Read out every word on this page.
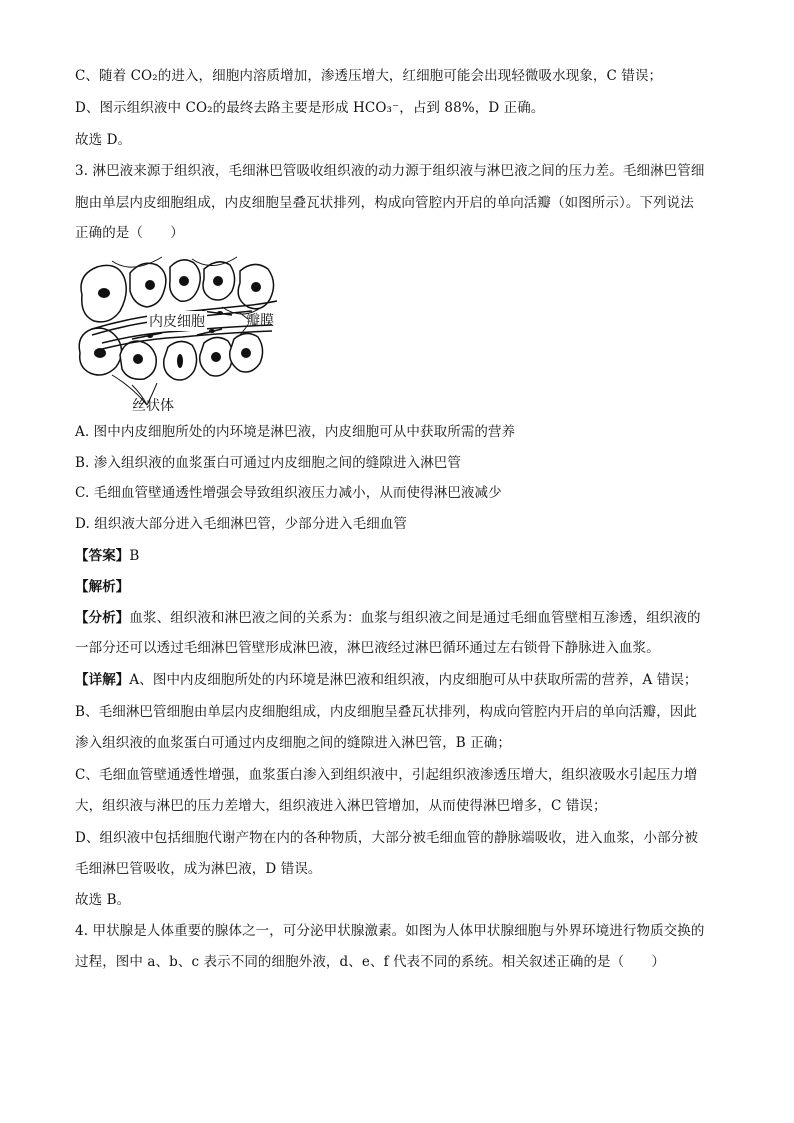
C、随着 CO₂的进入，细胞内溶质增加，渗透压增大，红细胞可能会出现轻微吸水现象，C 错误；
D、图示组织液中 CO₂的最终去路主要是形成 HCO₃⁻，占到 88%，D 正确。
故选 D。
3. 淋巴液来源于组织液，毛细淋巴管吸收组织液的动力源于组织液与淋巴液之间的压力差。毛细淋巴管细
胞由单层内皮细胞组成，内皮细胞呈叠瓦状排列，构成向管腔内开启的单向活瓣（如图所示）。下列说法
正确的是（　　）
内皮细胞	瓣膜
丝状体
A. 图中内皮细胞所处的内环境是淋巴液，内皮细胞可从中获取所需的营养
B. 渗入组织液的血浆蛋白可通过内皮细胞之间的缝隙进入淋巴管
C. 毛细血管壁通透性增强会导致组织液压力减小，从而使得淋巴液减少
D. 组织液大部分进入毛细淋巴管，少部分进入毛细血管
【答案】B
【解析】
【分析】血浆、组织液和淋巴液之间的关系为：血浆与组织液之间是通过毛细血管壁相互渗透，组织液的
一部分还可以透过毛细淋巴管壁形成淋巴液，淋巴液经过淋巴循环通过左右锁骨下静脉进入血浆。
【详解】A、图中内皮细胞所处的内环境是淋巴液和组织液，内皮细胞可从中获取所需的营养，A 错误；
B、毛细淋巴管细胞由单层内皮细胞组成，内皮细胞呈叠瓦状排列，构成向管腔内开启的单向活瓣，因此
渗入组织液的血浆蛋白可通过内皮细胞之间的缝隙进入淋巴管，B 正确；
C、毛细血管壁通透性增强，血浆蛋白渗入到组织液中，引起组织液渗透压增大，组织液吸水引起压力增
大，组织液与淋巴的压力差增大，组织液进入淋巴管增加，从而使得淋巴增多，C 错误；
D、组织液中包括细胞代谢产物在内的各种物质，大部分被毛细血管的静脉端吸收，进入血浆，小部分被
毛细淋巴管吸收，成为淋巴液，D 错误。
故选 B。
4. 甲状腺是人体重要的腺体之一，可分泌甲状腺激素。如图为人体甲状腺细胞与外界环境进行物质交换的
过程，图中 a、b、c 表示不同的细胞外液，d、e、f 代表不同的系统。相关叙述正确的是（　　）
